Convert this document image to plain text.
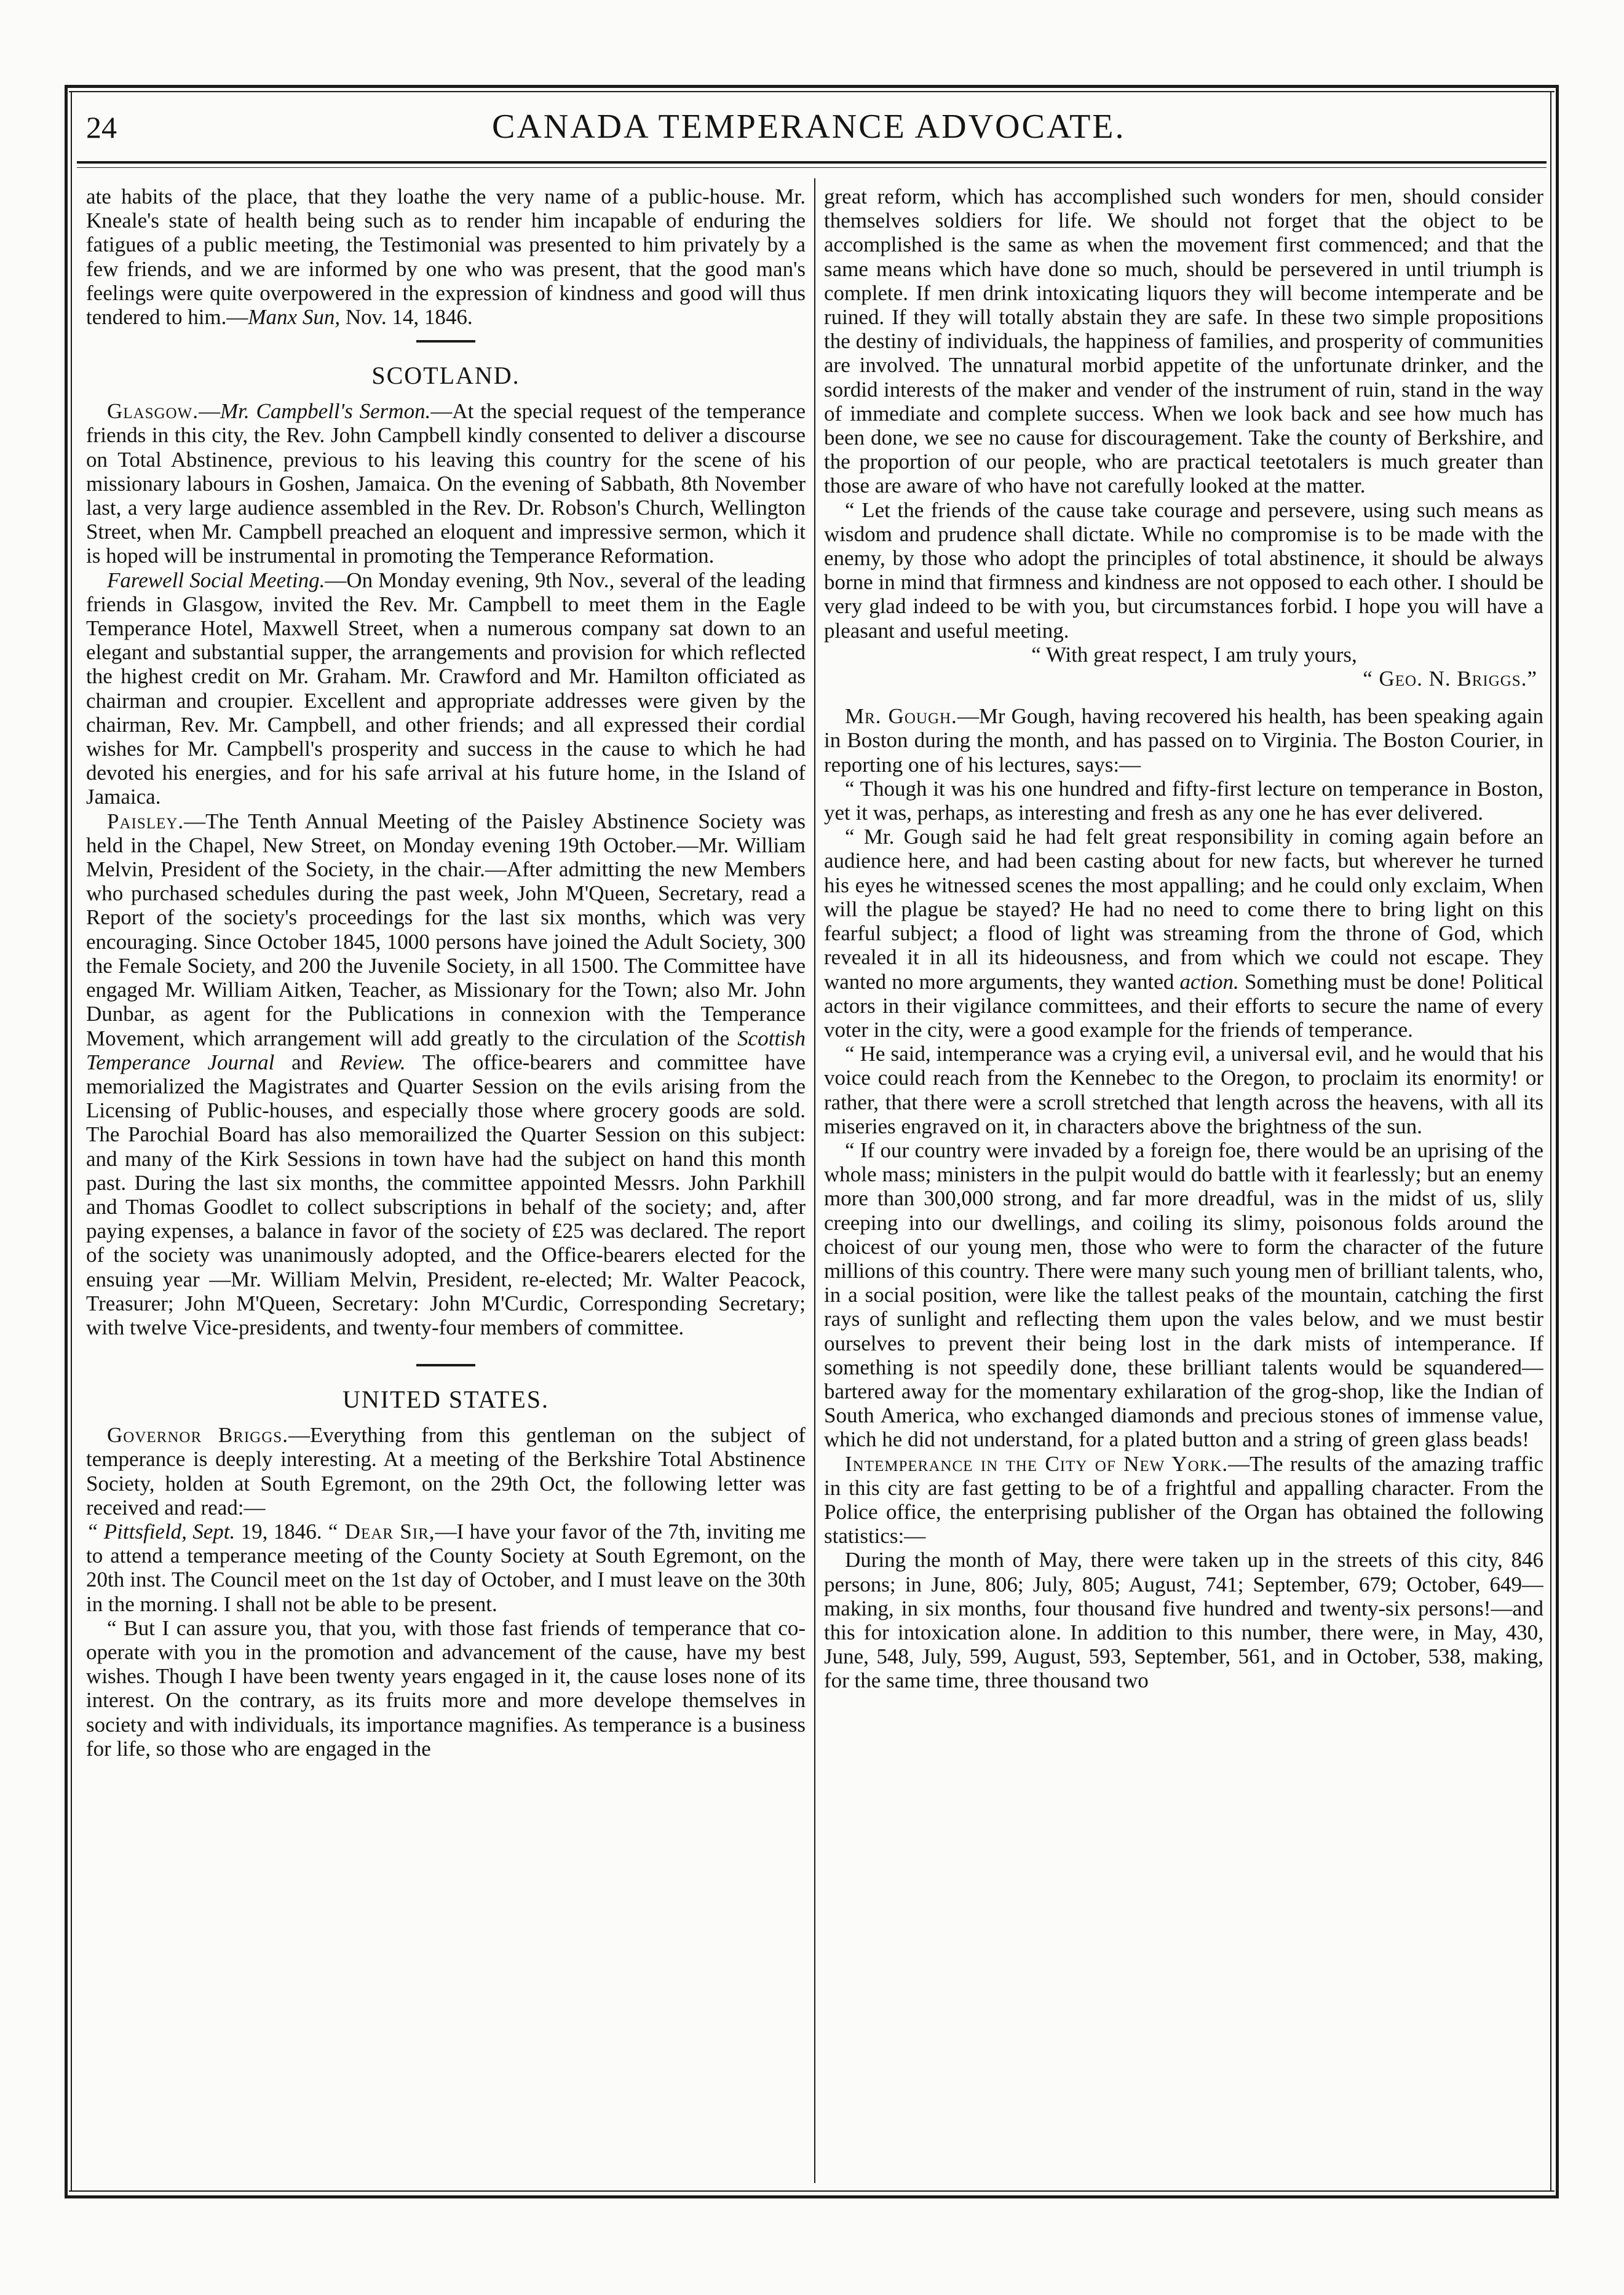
24	CANADA TEMPERANCE ADVOCATE.

ate habits of the place, that they loathe the very name of a public-house. Mr. Kneale's state of health being such as to render him incapable of enduring the fatigues of a public meeting, the Testimonial was presented to him privately by a few friends, and we are informed by one who was present, that the good man's feelings were quite overpowered in the expression of kindness and good will thus tendered to him.—Manx Sun, Nov. 14, 1846.

SCOTLAND.

Glasgow.—Mr. Campbell's Sermon.—At the special request of the temperance friends in this city, the Rev. John Campbell kindly consented to deliver a discourse on Total Abstinence, previous to his leaving this country for the scene of his missionary labours in Goshen, Jamaica. On the evening of Sabbath, 8th November last, a very large audience assembled in the Rev. Dr. Robson's Church, Wellington Street, when Mr. Campbell preached an eloquent and impressive sermon, which it is hoped will be instrumental in promoting the Temperance Reformation.

Farewell Social Meeting.—On Monday evening, 9th Nov., several of the leading friends in Glasgow, invited the Rev. Mr. Campbell to meet them in the Eagle Temperance Hotel, Maxwell Street, when a numerous company sat down to an elegant and substantial supper, the arrangements and provision for which reflected the highest credit on Mr. Graham. Mr. Crawford and Mr. Hamilton officiated as chairman and croupier. Excellent and appropriate addresses were given by the chairman, Rev. Mr. Campbell, and other friends; and all expressed their cordial wishes for Mr. Campbell's prosperity and success in the cause to which he had devoted his energies, and for his safe arrival at his future home, in the Island of Jamaica.

Paisley.—The Tenth Annual Meeting of the Paisley Abstinence Society was held in the Chapel, New Street, on Monday evening 19th October.—Mr. William Melvin, President of the Society, in the chair.—After admitting the new Members who purchased schedules during the past week, John M'Queen, Secretary, read a Report of the society's proceedings for the last six months, which was very encouraging. Since October 1845, 1000 persons have joined the Adult Society, 300 the Female Society, and 200 the Juvenile Society, in all 1500. The Committee have engaged Mr. William Aitken, Teacher, as Missionary for the Town; also Mr. John Dunbar, as agent for the Publications in connexion with the Temperance Movement, which arrangement will add greatly to the circulation of the Scottish Temperance Journal and Review. The office-bearers and committee have memorialized the Magistrates and Quarter Session on the evils arising from the Licensing of Public-houses, and especially those where grocery goods are sold. The Parochial Board has also memorailized the Quarter Session on this subject: and many of the Kirk Sessions in town have had the subject on hand this month past. During the last six months, the committee appointed Messrs. John Parkhill and Thomas Goodlet to collect subscriptions in behalf of the society; and, after paying expenses, a balance in favor of the society of £25 was declared. The report of the society was unanimously adopted, and the Office-bearers elected for the ensuing year —Mr. William Melvin, President, re-elected; Mr. Walter Peacock, Treasurer; John M'Queen, Secretary: John M'Curdic, Corresponding Secretary; with twelve Vice-presidents, and twenty-four members of committee.

UNITED STATES.

Governor Briggs.—Everything from this gentleman on the subject of temperance is deeply interesting. At a meeting of the Berkshire Total Abstinence Society, holden at South Egremont, on the 29th Oct, the following letter was received and read:—

“ Pittsfield, Sept. 19, 1846. “ Dear Sir,—I have your favor of the 7th, inviting me to attend a temperance meeting of the County Society at South Egremont, on the 20th inst. The Council meet on the 1st day of October, and I must leave on the 30th in the morning. I shall not be able to be present.

“ But I can assure you, that you, with those fast friends of temperance that co-operate with you in the promotion and advancement of the cause, have my best wishes. Though I have been twenty years engaged in it, the cause loses none of its interest. On the contrary, as its fruits more and more develope themselves in society and with individuals, its importance magnifies. As temperance is a business for life, so those who are engaged in the

great reform, which has accomplished such wonders for men, should consider themselves soldiers for life. We should not forget that the object to be accomplished is the same as when the movement first commenced; and that the same means which have done so much, should be persevered in until triumph is complete. If men drink intoxicating liquors they will become intemperate and be ruined. If they will totally abstain they are safe. In these two simple propositions the destiny of individuals, the happiness of families, and prosperity of communities are involved. The unnatural morbid appetite of the unfortunate drinker, and the sordid interests of the maker and vender of the instrument of ruin, stand in the way of immediate and complete success. When we look back and see how much has been done, we see no cause for discouragement. Take the county of Berkshire, and the proportion of our people, who are practical teetotalers is much greater than those are aware of who have not carefully looked at the matter.

“ Let the friends of the cause take courage and persevere, using such means as wisdom and prudence shall dictate. While no compromise is to be made with the enemy, by those who adopt the principles of total abstinence, it should be always borne in mind that firmness and kindness are not opposed to each other. I should be very glad indeed to be with you, but circumstances forbid. I hope you will have a pleasant and useful meeting.

“ With great respect, I am truly yours,

“ Geo. N. Briggs.”

Mr. Gough.—Mr Gough, having recovered his health, has been speaking again in Boston during the month, and has passed on to Virginia. The Boston Courier, in reporting one of his lectures, says:—

“ Though it was his one hundred and fifty-first lecture on temperance in Boston, yet it was, perhaps, as interesting and fresh as any one he has ever delivered.

“ Mr. Gough said he had felt great responsibility in coming again before an audience here, and had been casting about for new facts, but wherever he turned his eyes he witnessed scenes the most appalling; and he could only exclaim, When will the plague be stayed? He had no need to come there to bring light on this fearful subject; a flood of light was streaming from the throne of God, which revealed it in all its hideousness, and from which we could not escape. They wanted no more arguments, they wanted action. Something must be done! Political actors in their vigilance committees, and their efforts to secure the name of every voter in the city, were a good example for the friends of temperance.

“ He said, intemperance was a crying evil, a universal evil, and he would that his voice could reach from the Kennebec to the Oregon, to proclaim its enormity! or rather, that there were a scroll stretched that length across the heavens, with all its miseries engraved on it, in characters above the brightness of the sun.

“ If our country were invaded by a foreign foe, there would be an uprising of the whole mass; ministers in the pulpit would do battle with it fearlessly; but an enemy more than 300,000 strong, and far more dreadful, was in the midst of us, slily creeping into our dwellings, and coiling its slimy, poisonous folds around the choicest of our young men, those who were to form the character of the future millions of this country. There were many such young men of brilliant talents, who, in a social position, were like the tallest peaks of the mountain, catching the first rays of sunlight and reflecting them upon the vales below, and we must bestir ourselves to prevent their being lost in the dark mists of intemperance. If something is not speedily done, these brilliant talents would be squandered—bartered away for the momentary exhilaration of the grog-shop, like the Indian of South America, who exchanged diamonds and precious stones of immense value, which he did not understand, for a plated button and a string of green glass beads!

Intemperance in the City of New York.—The results of the amazing traffic in this city are fast getting to be of a frightful and appalling character. From the Police office, the enterprising publisher of the Organ has obtained the following statistics:—

During the month of May, there were taken up in the streets of this city, 846 persons; in June, 806; July, 805; August, 741; September, 679; October, 649—making, in six months, four thousand five hundred and twenty-six persons!—and this for intoxication alone. In addition to this number, there were, in May, 430, June, 548, July, 599, August, 593, September, 561, and in October, 538, making, for the same time, three thousand two
